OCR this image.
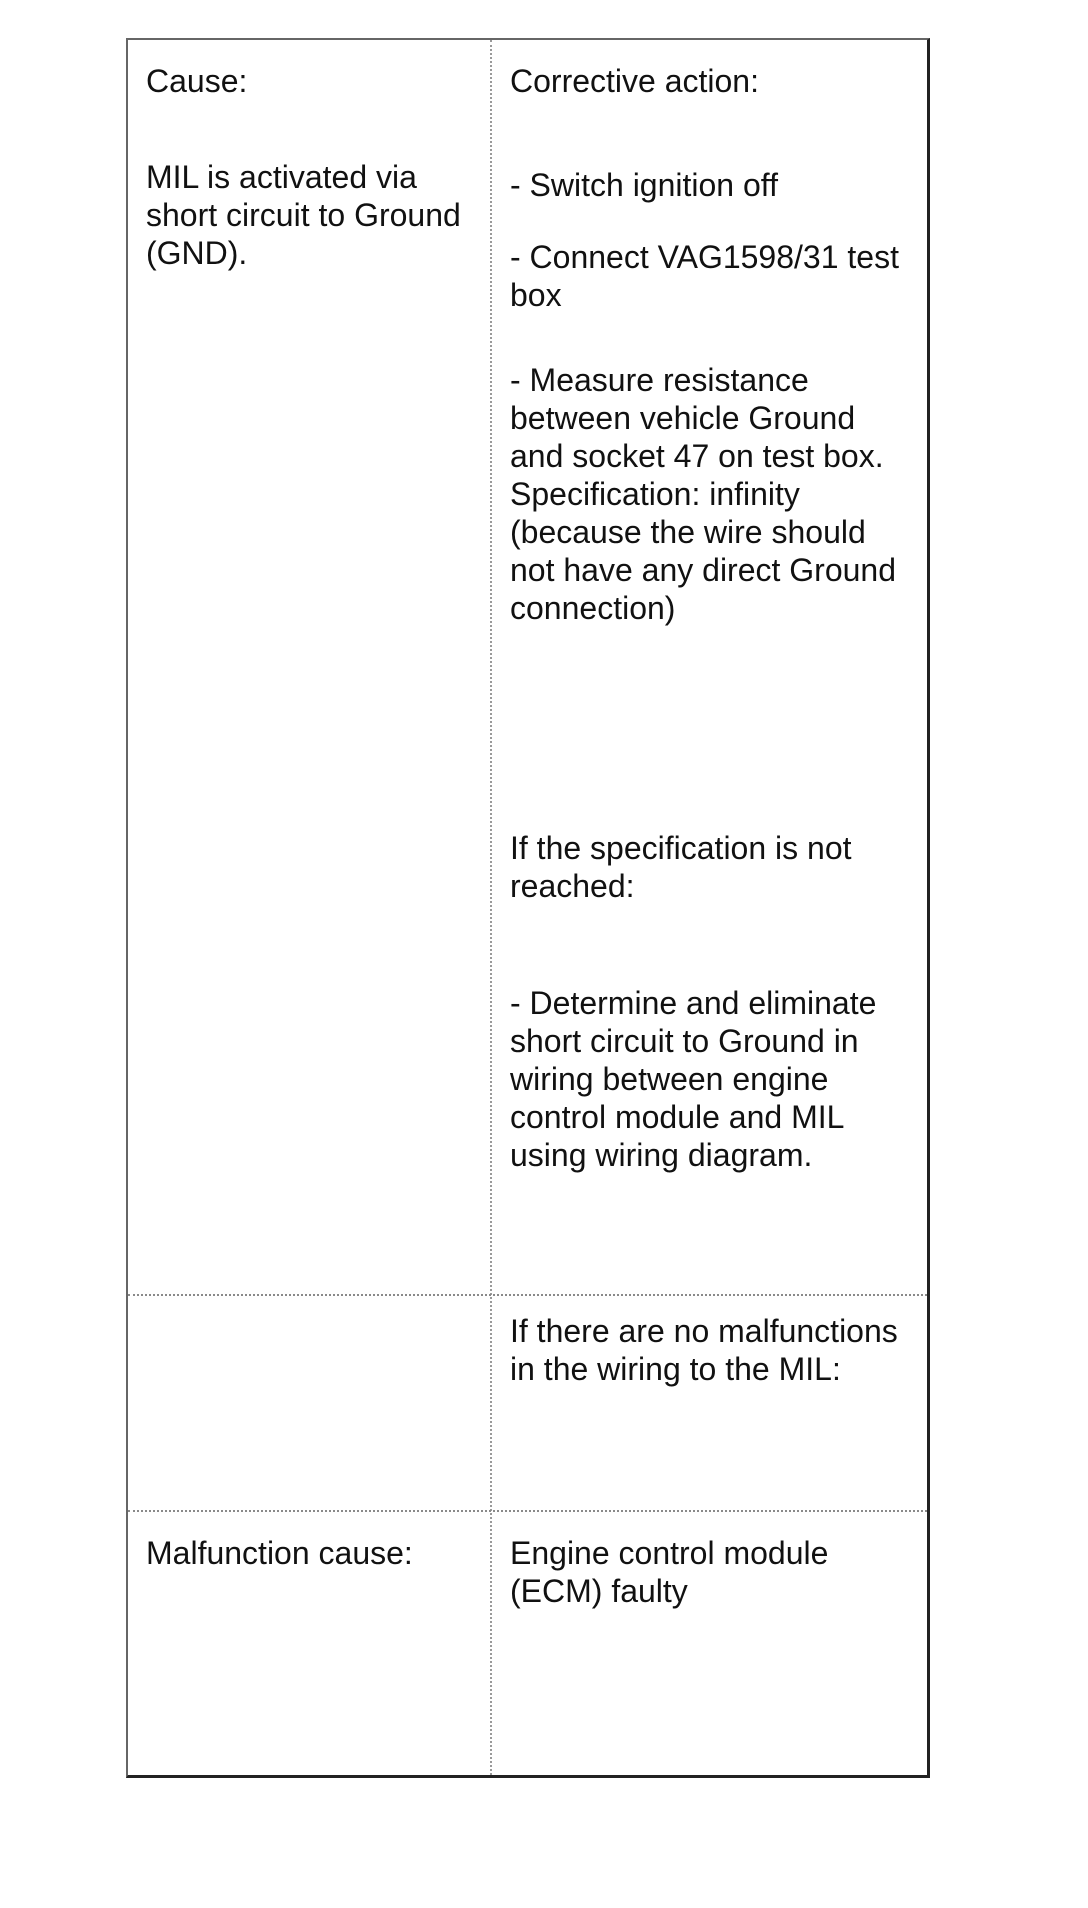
Cause:
MIL is activated via short circuit to Ground (GND).
Corrective action:
- Switch ignition off
- Connect VAG1598/31 test box
- Measure resistance between vehicle Ground and socket 47 on test box. Specification: infinity (because the wire should not have any direct Ground connection)
If the specification is not reached:
- Determine and eliminate short circuit to Ground in wiring between engine control module and MIL using wiring diagram.
If there are no malfunctions in the wiring to the MIL:
Malfunction cause:	Engine control module (ECM) faulty
